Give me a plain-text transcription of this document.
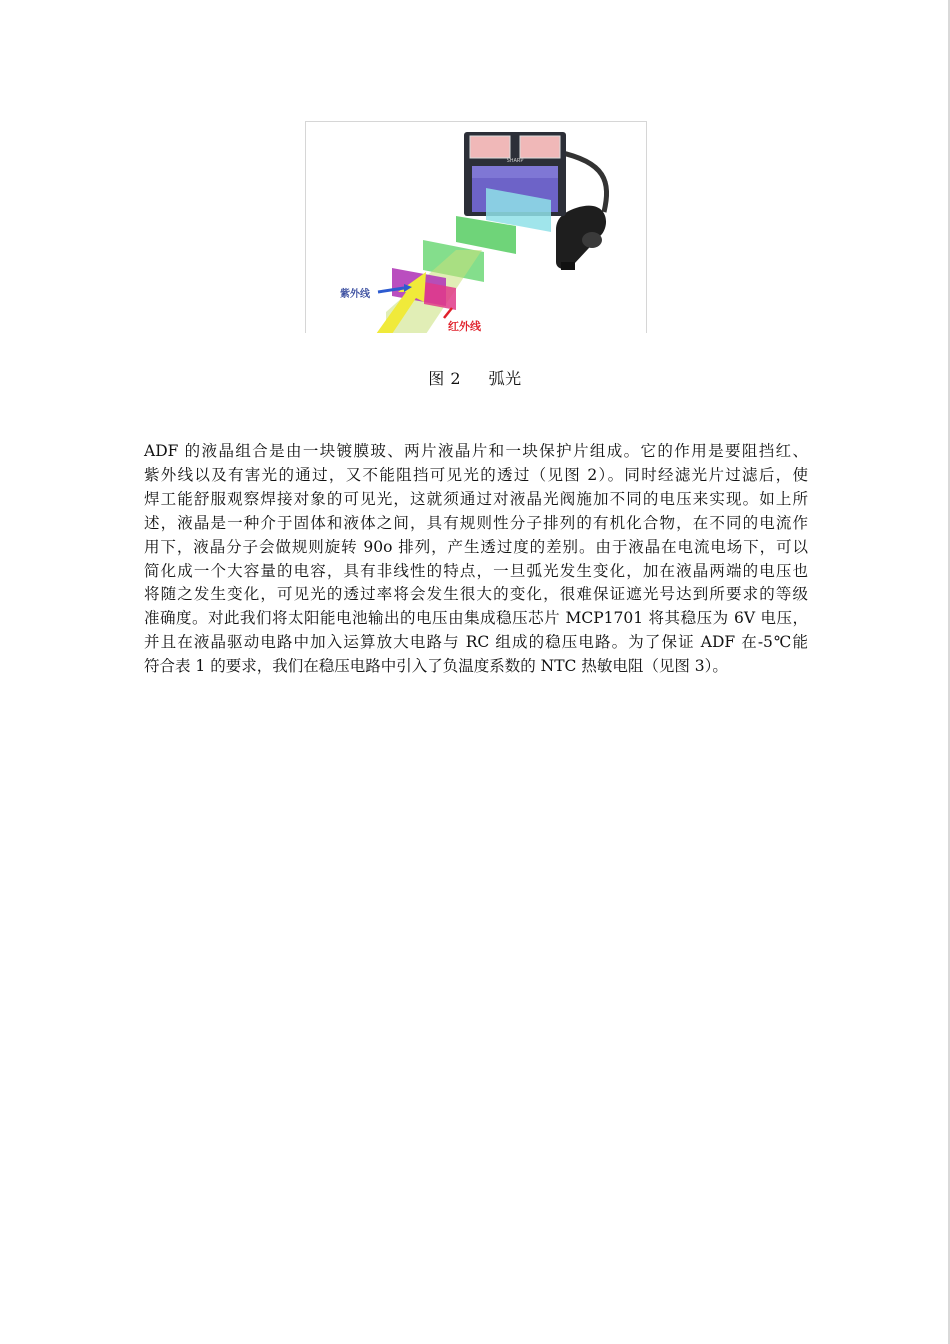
SHARP
紫外线
红外线
图 2 弧光
ADF 的液晶组合是由一块镀膜玻、两片液晶片和一块保护片组成。它的作用是要阻挡红、
紫外线以及有害光的通过，又不能阻挡可见光的透过（见图 2）。同时经滤光片过滤后，使
焊工能舒服观察焊接对象的可见光，这就须通过对液晶光阀施加不同的电压来实现。如上所
述，液晶是一种介于固体和液体之间，具有规则性分子排列的有机化合物，在不同的电流作
用下，液晶分子会做规则旋转 90o 排列，产生透过度的差别。由于液晶在电流电场下，可以
简化成一个大容量的电容，具有非线性的特点，一旦弧光发生变化，加在液晶两端的电压也
将随之发生变化，可见光的透过率将会发生很大的变化，很难保证遮光号达到所要求的等级
准确度。对此我们将太阳能电池输出的电压由集成稳压芯片 MCP1701 将其稳压为 6V 电压，
并且在液晶驱动电路中加入运算放大电路与 RC 组成的稳压电路。为了保证 ADF 在-5℃能
符合表 1 的要求，我们在稳压电路中引入了负温度系数的 NTC 热敏电阻（见图 3）。
